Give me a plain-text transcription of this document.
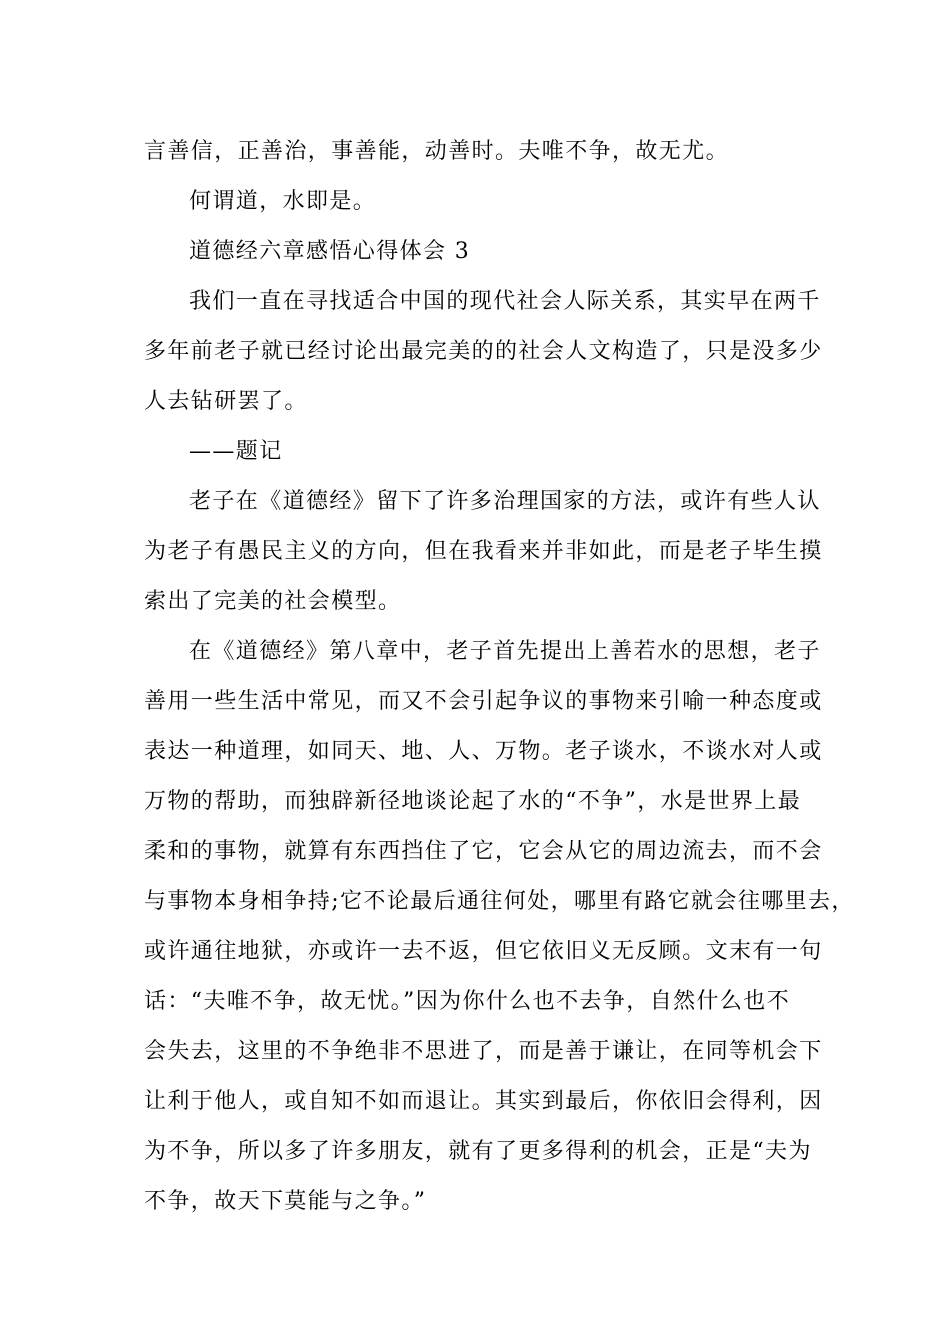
言善信，正善治，事善能，动善时。夫唯不争，故无尤。
何谓道，水即是。
道德经六章感悟心得体会 3
我们一直在寻找适合中国的现代社会人际关系，其实早在两千
多年前老子就已经讨论出最完美的的社会人文构造了，只是没多少
人去钻研罢了。
——题记
老子在《道德经》留下了许多治理国家的方法，或许有些人认
为老子有愚民主义的方向，但在我看来并非如此，而是老子毕生摸
索出了完美的社会模型。
在《道德经》第八章中，老子首先提出上善若水的思想，老子
善用一些生活中常见，而又不会引起争议的事物来引喻一种态度或
表达一种道理，如同天、地、人、万物。老子谈水，不谈水对人或
万物的帮助，而独辟新径地谈论起了水的“不争”，水是世界上最
柔和的事物，就算有东西挡住了它，它会从它的周边流去，而不会
与事物本身相争持;它不论最后通往何处，哪里有路它就会往哪里去，
或许通往地狱，亦或许一去不返，但它依旧义无反顾。文末有一句
话：“夫唯不争，故无忧。”因为你什么也不去争，自然什么也不
会失去，这里的不争绝非不思进了，而是善于谦让，在同等机会下
让利于他人，或自知不如而退让。其实到最后，你依旧会得利，因
为不争，所以多了许多朋友，就有了更多得利的机会，正是“夫为
不争，故天下莫能与之争。”
